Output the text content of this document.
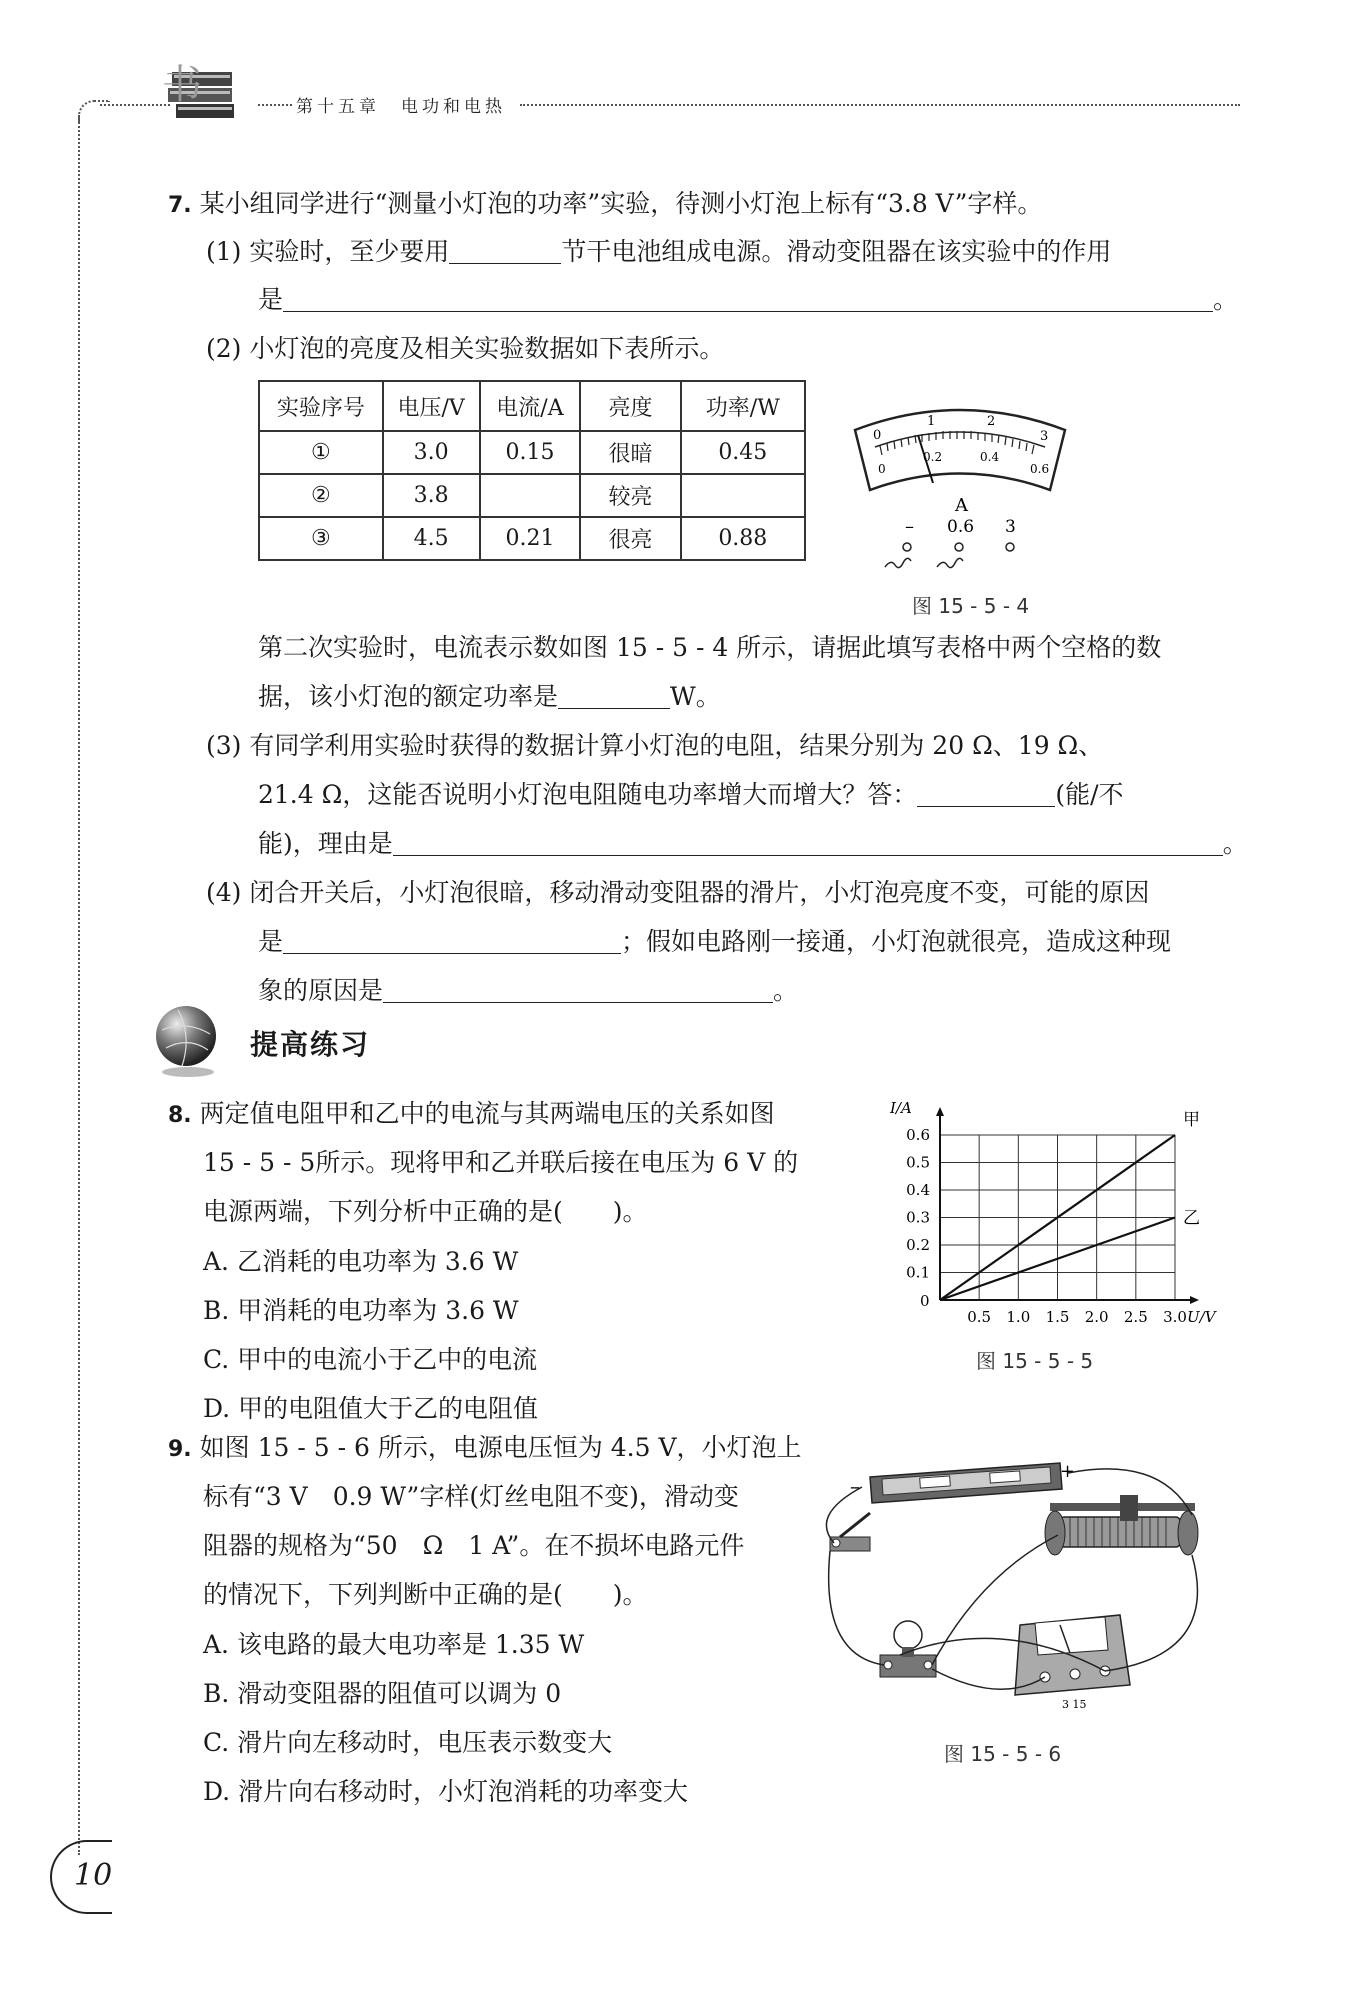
书	第十五章　电功和电热
7. 某小组同学进行“测量小灯泡的功率”实验，待测小灯泡上标有“3.8 V”字样。
(1) 实验时，至少要用	节干电池组成电源。滑动变阻器在该实验中的作用
是	。
(2) 小灯泡的亮度及相关实验数据如下表所示。
实验序号	电压/V	电流/A	亮度	功率/W
①	3.0	0.15	很暗	0.45
②	3.8		较亮	
③	4.5	0.21	很亮	0.88
0
1	2
3
0
0.2	0.4
0.6
A
– 0.6 3
图 15 - 5 - 4
第二次实验时，电流表示数如图 15 - 5 - 4 所示，请据此填写表格中两个空格的数
据，该小灯泡的额定功率是	W。
(3) 有同学利用实验时获得的数据计算小灯泡的电阻，结果分别为 20 Ω、19 Ω、
21.4 Ω，这能否说明小灯泡电阻随电功率增大而增大？答：	(能/不
能)，理由是	。
(4) 闭合开关后，小灯泡很暗，移动滑动变阻器的滑片，小灯泡亮度不变，可能的原因
是	；假如电路刚一接通，小灯泡就很亮，造成这种现
象的原因是	。
提高练习
8. 两定值电阻甲和乙中的电流与其两端电压的关系如图
15 - 5 - 5所示。现将甲和乙并联后接在电压为 6 V 的
电源两端，下列分析中正确的是(　　)。
A. 乙消耗的电功率为 3.6 W
B. 甲消耗的电功率为 3.6 W
C. 甲中的电流小于乙中的电流
D. 甲的电阻值大于乙的电阻值
0.5 1.0 1.5 2.0 2.5 3.0
0.1
0.2
0.3
0.4
0.5
0.6
0
U/V
I/A
甲
乙
图 15 - 5 - 5
9. 如图 15 - 5 - 6 所示，电源电压恒为 4.5 V，小灯泡上
标有“3 V　0.9 W”字样(灯丝电阻不变)，滑动变
阻器的规格为“50　Ω　1 A”。在不损坏电路元件
的情况下，下列判断中正确的是(　　)。
A. 该电路的最大电功率是 1.35 W
B. 滑动变阻器的阻值可以调为 0
C. 滑片向左移动时，电压表示数变大
D. 滑片向右移动时，小灯泡消耗的功率变大
–
+
3 15
图 15 - 5 - 6
10
